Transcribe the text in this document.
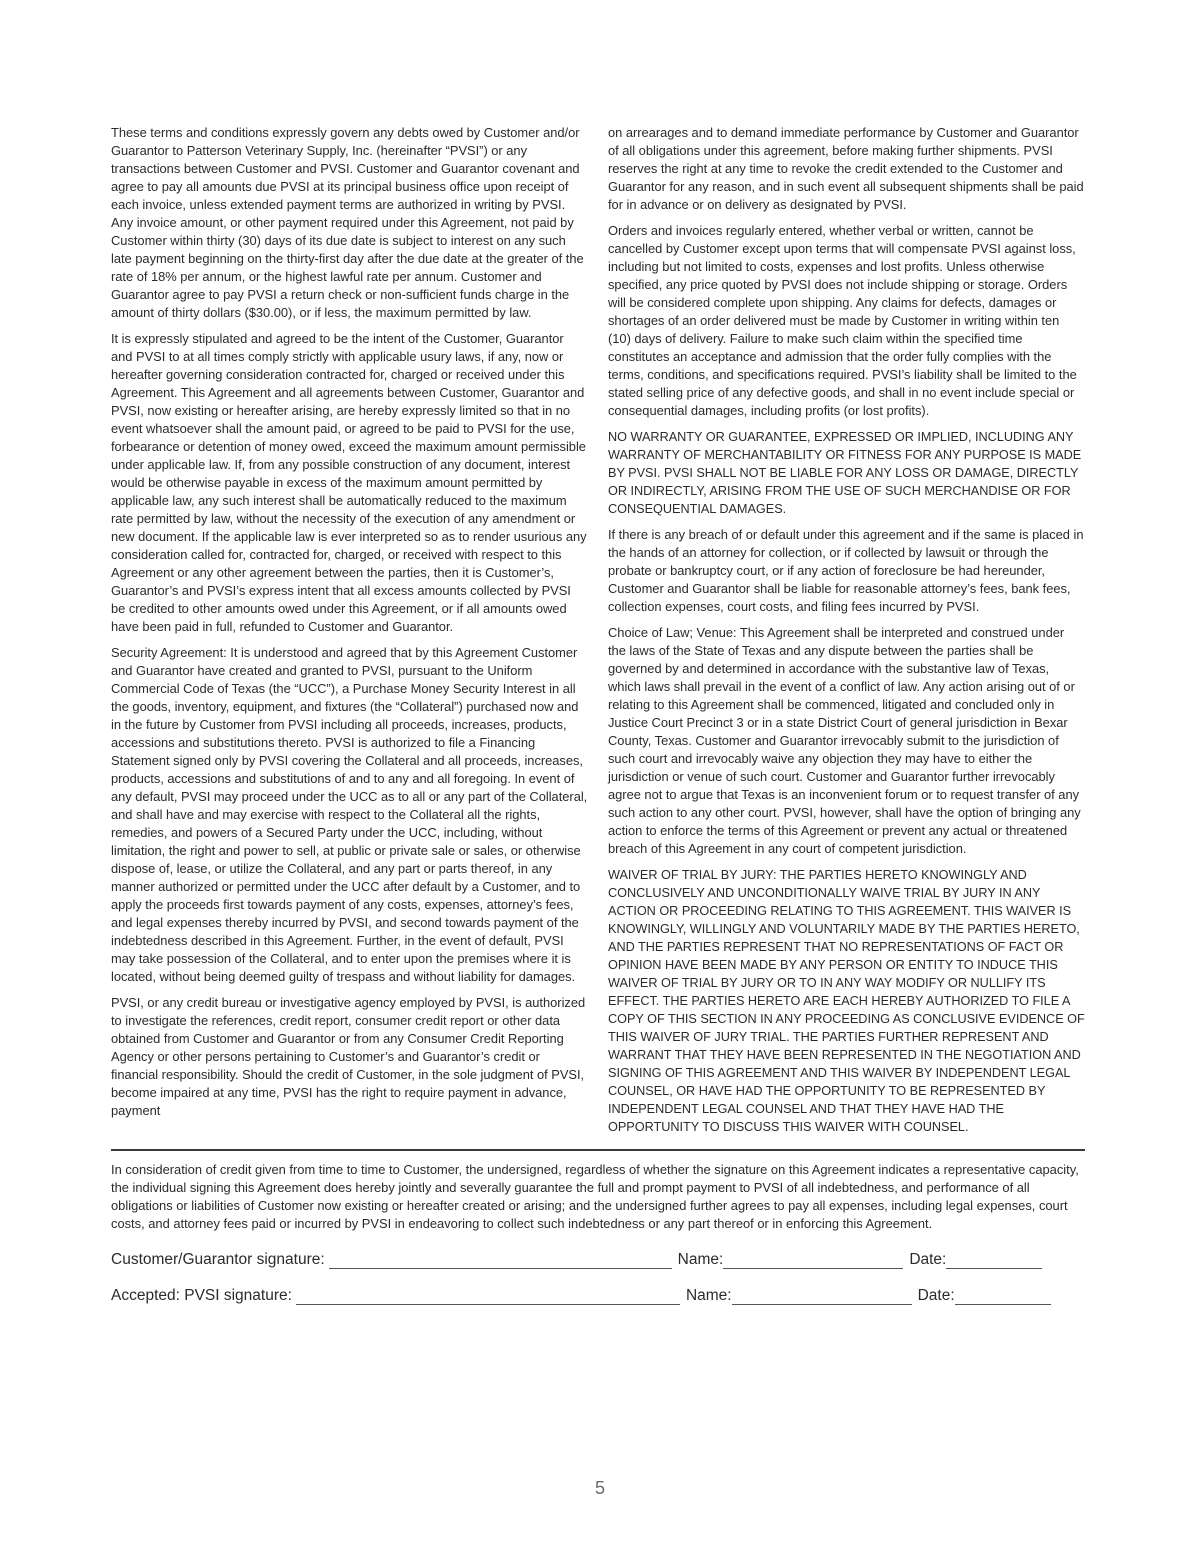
These terms and conditions expressly govern any debts owed by Customer and/or Guarantor to Patterson Veterinary Supply, Inc. (hereinafter “PVSI”) or any transactions between Customer and PVSI. Customer and Guarantor covenant and agree to pay all amounts due PVSI at its principal business office upon receipt of each invoice, unless extended payment terms are authorized in writing by PVSI. Any invoice amount, or other payment required under this Agreement, not paid by Customer within thirty (30) days of its due date is subject to interest on any such late payment beginning on the thirty-first day after the due date at the greater of the rate of 18% per annum, or the highest lawful rate per annum. Customer and Guarantor agree to pay PVSI a return check or non-sufficient funds charge in the amount of thirty dollars ($30.00), or if less, the maximum permitted by law.

It is expressly stipulated and agreed to be the intent of the Customer, Guarantor and PVSI to at all times comply strictly with applicable usury laws, if any, now or hereafter governing consideration contracted for, charged or received under this Agreement. This Agreement and all agreements between Customer, Guarantor and PVSI, now existing or hereafter arising, are hereby expressly limited so that in no event whatsoever shall the amount paid, or agreed to be paid to PVSI for the use, forbearance or detention of money owed, exceed the maximum amount permissible under applicable law. If, from any possible construction of any document, interest would be otherwise payable in excess of the maximum amount permitted by applicable law, any such interest shall be automatically reduced to the maximum rate permitted by law, without the necessity of the execution of any amendment or new document. If the applicable law is ever interpreted so as to render usurious any consideration called for, contracted for, charged, or received with respect to this Agreement or any other agreement between the parties, then it is Customer’s, Guarantor’s and PVSI’s express intent that all excess amounts collected by PVSI be credited to other amounts owed under this Agreement, or if all amounts owed have been paid in full, refunded to Customer and Guarantor.

Security Agreement: It is understood and agreed that by this Agreement Customer and Guarantor have created and granted to PVSI, pursuant to the Uniform Commercial Code of Texas (the “UCC”), a Purchase Money Security Interest in all the goods, inventory, equipment, and fixtures (the “Collateral”) purchased now and in the future by Customer from PVSI including all proceeds, increases, products, accessions and substitutions thereto. PVSI is authorized to file a Financing Statement signed only by PVSI covering the Collateral and all proceeds, increases, products, accessions and substitutions of and to any and all foregoing. In event of any default, PVSI may proceed under the UCC as to all or any part of the Collateral, and shall have and may exercise with respect to the Collateral all the rights, remedies, and powers of a Secured Party under the UCC, including, without limitation, the right and power to sell, at public or private sale or sales, or otherwise dispose of, lease, or utilize the Collateral, and any part or parts thereof, in any manner authorized or permitted under the UCC after default by a Customer, and to apply the proceeds first towards payment of any costs, expenses, attorney’s fees, and legal expenses thereby incurred by PVSI, and second towards payment of the indebtedness described in this Agreement. Further, in the event of default, PVSI may take possession of the Collateral, and to enter upon the premises where it is located, without being deemed guilty of trespass and without liability for damages.

PVSI, or any credit bureau or investigative agency employed by PVSI, is authorized to investigate the references, credit report, consumer credit report or other data obtained from Customer and Guarantor or from any Consumer Credit Reporting Agency or other persons pertaining to Customer’s and Guarantor’s credit or financial responsibility. Should the credit of Customer, in the sole judgment of PVSI, become impaired at any time, PVSI has the right to require payment in advance, payment

on arrearages and to demand immediate performance by Customer and Guarantor of all obligations under this agreement, before making further shipments. PVSI reserves the right at any time to revoke the credit extended to the Customer and Guarantor for any reason, and in such event all subsequent shipments shall be paid for in advance or on delivery as designated by PVSI.

Orders and invoices regularly entered, whether verbal or written, cannot be cancelled by Customer except upon terms that will compensate PVSI against loss, including but not limited to costs, expenses and lost profits. Unless otherwise specified, any price quoted by PVSI does not include shipping or storage. Orders will be considered complete upon shipping. Any claims for defects, damages or shortages of an order delivered must be made by Customer in writing within ten (10) days of delivery. Failure to make such claim within the specified time constitutes an acceptance and admission that the order fully complies with the terms, conditions, and specifications required. PVSI’s liability shall be limited to the stated selling price of any defective goods, and shall in no event include special or consequential damages, including profits (or lost profits).

NO WARRANTY OR GUARANTEE, EXPRESSED OR IMPLIED, INCLUDING ANY WARRANTY OF MERCHANTABILITY OR FITNESS FOR ANY PURPOSE IS MADE BY PVSI. PVSI SHALL NOT BE LIABLE FOR ANY LOSS OR DAMAGE, DIRECTLY OR INDIRECTLY, ARISING FROM THE USE OF SUCH MERCHANDISE OR FOR CONSEQUENTIAL DAMAGES.

If there is any breach of or default under this agreement and if the same is placed in the hands of an attorney for collection, or if collected by lawsuit or through the probate or bankruptcy court, or if any action of foreclosure be had hereunder, Customer and Guarantor shall be liable for reasonable attorney’s fees, bank fees, collection expenses, court costs, and filing fees incurred by PVSI.

Choice of Law; Venue: This Agreement shall be interpreted and construed under the laws of the State of Texas and any dispute between the parties shall be governed by and determined in accordance with the substantive law of Texas, which laws shall prevail in the event of a conflict of law. Any action arising out of or relating to this Agreement shall be commenced, litigated and concluded only in Justice Court Precinct 3 or in a state District Court of general jurisdiction in Bexar County, Texas. Customer and Guarantor irrevocably submit to the jurisdiction of such court and irrevocably waive any objection they may have to either the jurisdiction or venue of such court. Customer and Guarantor further irrevocably agree not to argue that Texas is an inconvenient forum or to request transfer of any such action to any other court. PVSI, however, shall have the option of bringing any action to enforce the terms of this Agreement or prevent any actual or threatened breach of this Agreement in any court of competent jurisdiction.

WAIVER OF TRIAL BY JURY: THE PARTIES HERETO KNOWINGLY AND CONCLUSIVELY AND UNCONDITIONALLY WAIVE TRIAL BY JURY IN ANY ACTION OR PROCEEDING RELATING TO THIS AGREEMENT. THIS WAIVER IS KNOWINGLY, WILLINGLY AND VOLUNTARILY MADE BY THE PARTIES HERETO, AND THE PARTIES REPRESENT THAT NO REPRESENTATIONS OF FACT OR OPINION HAVE BEEN MADE BY ANY PERSON OR ENTITY TO INDUCE THIS WAIVER OF TRIAL BY JURY OR TO IN ANY WAY MODIFY OR NULLIFY ITS EFFECT. THE PARTIES HERETO ARE EACH HEREBY AUTHORIZED TO FILE A COPY OF THIS SECTION IN ANY PROCEEDING AS CONCLUSIVE EVIDENCE OF THIS WAIVER OF JURY TRIAL. THE PARTIES FURTHER REPRESENT AND WARRANT THAT THEY HAVE BEEN REPRESENTED IN THE NEGOTIATION AND SIGNING OF THIS AGREEMENT AND THIS WAIVER BY INDEPENDENT LEGAL COUNSEL, OR HAVE HAD THE OPPORTUNITY TO BE REPRESENTED BY INDEPENDENT LEGAL COUNSEL AND THAT THEY HAVE HAD THE OPPORTUNITY TO DISCUSS THIS WAIVER WITH COUNSEL.

In consideration of credit given from time to time to Customer, the undersigned, regardless of whether the signature on this Agreement indicates a representative capacity, the individual signing this Agreement does hereby jointly and severally guarantee the full and prompt payment to PVSI of all indebtedness, and performance of all obligations or liabilities of Customer now existing or hereafter created or arising; and the undersigned further agrees to pay all expenses, including legal expenses, court costs, and attorney fees paid or incurred by PVSI in endeavoring to collect such indebtedness or any part thereof or in enforcing this Agreement.

Customer/Guarantor signature:	Name:	Date:
Accepted: PVSI signature:	Name:	Date:
5
